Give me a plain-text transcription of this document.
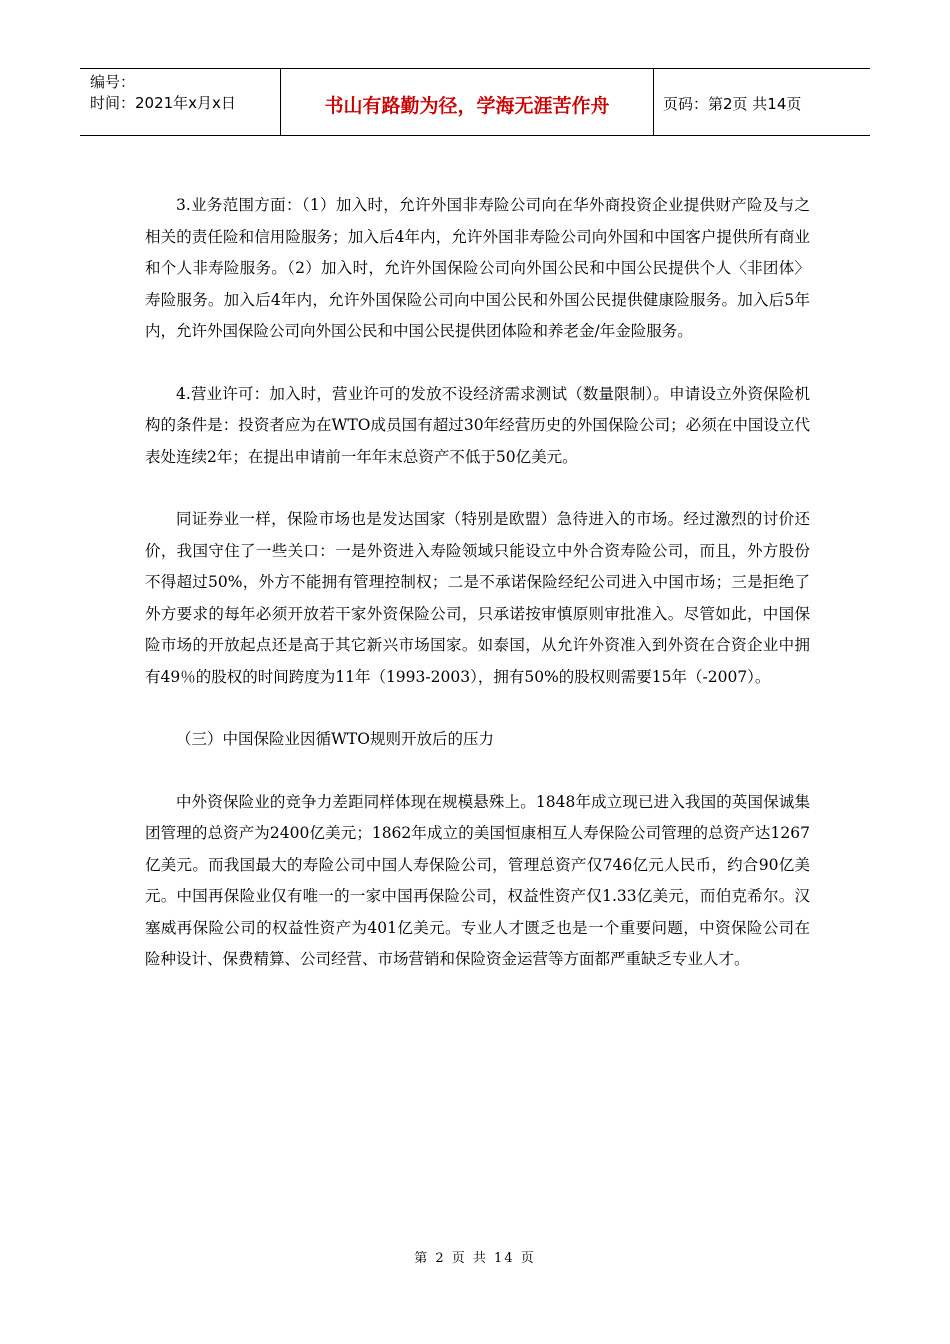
编号：
时间：2021年x月x日	书山有路勤为径，学海无涯苦作舟	页码：第2页 共14页

3.业务范围方面：（1）加入时，允许外国非寿险公司向在华外商投资企业提供财产险及与之相关的责任险和信用险服务；加入后4年内，允许外国非寿险公司向外国和中国客户提供所有商业和个人非寿险服务。（2）加入时，允许外国保险公司向外国公民和中国公民提供个人〈非团体〉寿险服务。加入后4年内，允许外国保险公司向中国公民和外国公民提供健康险服务。加入后5年内，允许外国保险公司向外国公民和中国公民提供团体险和养老金/年金险服务。

4.营业许可：加入时，营业许可的发放不设经济需求测试（数量限制）。申请设立外资保险机构的条件是：投资者应为在WTO成员国有超过30年经营历史的外国保险公司；必须在中国设立代表处连续2年；在提出申请前一年年末总资产不低于50亿美元。

同证券业一样，保险市场也是发达国家（特别是欧盟）急待进入的市场。经过激烈的讨价还价，我国守住了一些关口：一是外资进入寿险领域只能设立中外合资寿险公司，而且，外方股份不得超过50%，外方不能拥有管理控制权；二是不承诺保险经纪公司进入中国市场；三是拒绝了外方要求的每年必须开放若干家外资保险公司，只承诺按审慎原则审批准入。尽管如此，中国保险市场的开放起点还是高于其它新兴市场国家。如泰国，从允许外资准入到外资在合资企业中拥有49％的股权的时间跨度为11年（1993-2003），拥有50%的股权则需要15年（-2007）。

（三）中国保险业因循WTO规则开放后的压力

中外资保险业的竞争力差距同样体现在规模悬殊上。1848年成立现已进入我国的英国保诚集团管理的总资产为2400亿美元；1862年成立的美国恒康相互人寿保险公司管理的总资产达1267亿美元。而我国最大的寿险公司中国人寿保险公司，管理总资产仅746亿元人民币，约合90亿美元。中国再保险业仅有唯一的一家中国再保险公司，权益性资产仅1.33亿美元，而伯克希尔。汉塞威再保险公司的权益性资产为401亿美元。专业人才匮乏也是一个重要问题，中资保险公司在险种设计、保费精算、公司经营、市场营销和保险资金运营等方面都严重缺乏专业人才。

第 2 页 共 14 页
